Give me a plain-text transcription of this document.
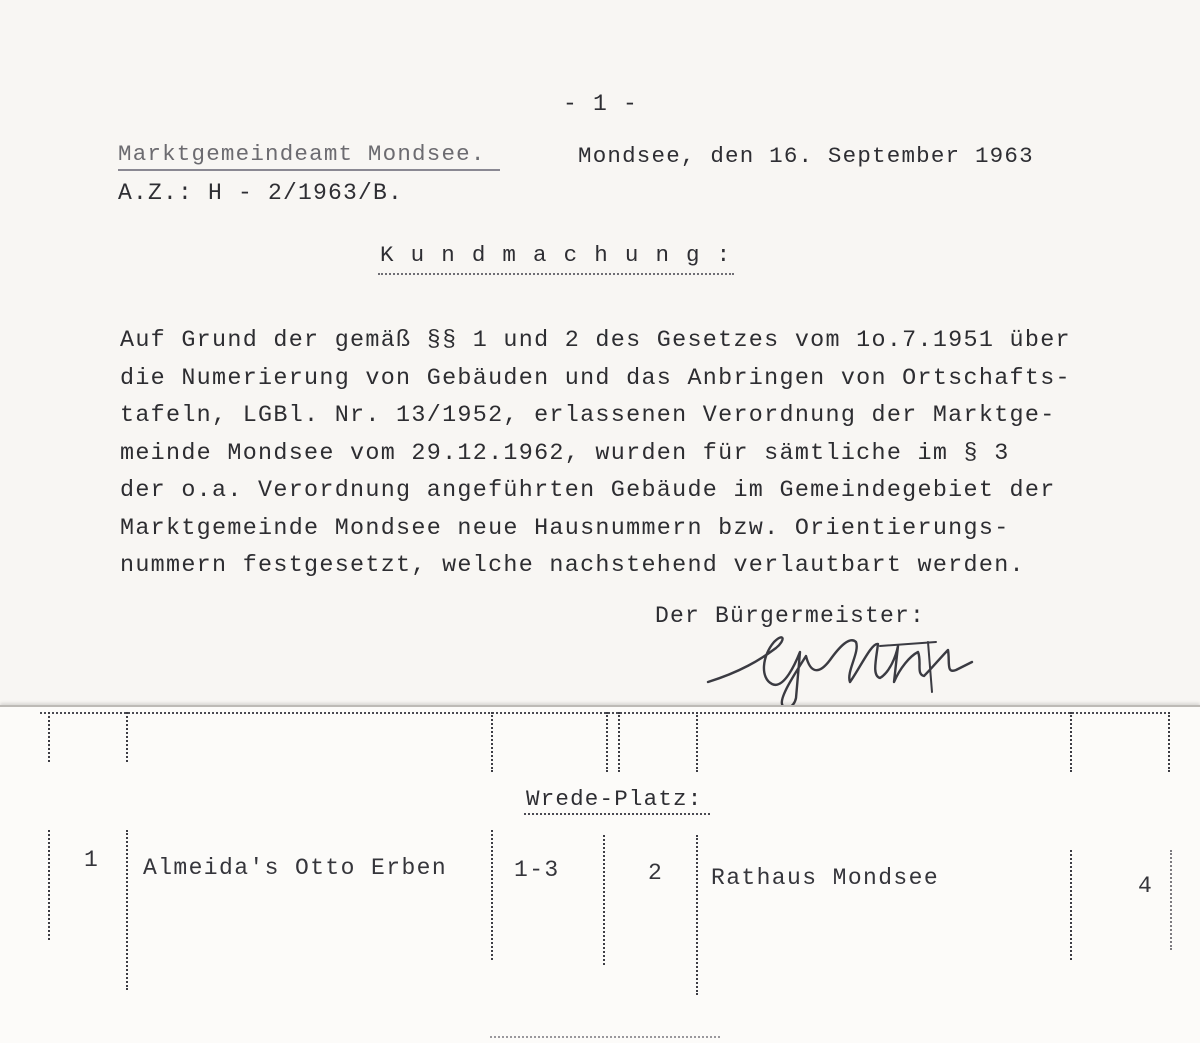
- 1 -
Marktgemeindeamt Mondsee.	Mondsee, den 16. September 1963
A.Z.: H - 2/1963/B.
K u n d m a c h u n g :
Auf Grund der gemäß §§ 1 und 2 des Gesetzes vom 1o.7.1951 über
die Numerierung von Gebäuden und das Anbringen von Ortschafts-
tafeln, LGBl. Nr. 13/1952, erlassenen Verordnung der Marktge-
meinde Mondsee vom 29.12.1962, wurden für sämtliche im § 3
der o.a. Verordnung angeführten Gebäude im Gemeindegebiet der
Marktgemeinde Mondsee neue Hausnummern bzw. Orientierungs-
nummern festgesetzt, welche nachstehend verlautbart werden.
Der Bürgermeister:
Wrede-Platz:
1 Almeida's Otto Erben	1-3	2 Rathaus Mondsee	4
